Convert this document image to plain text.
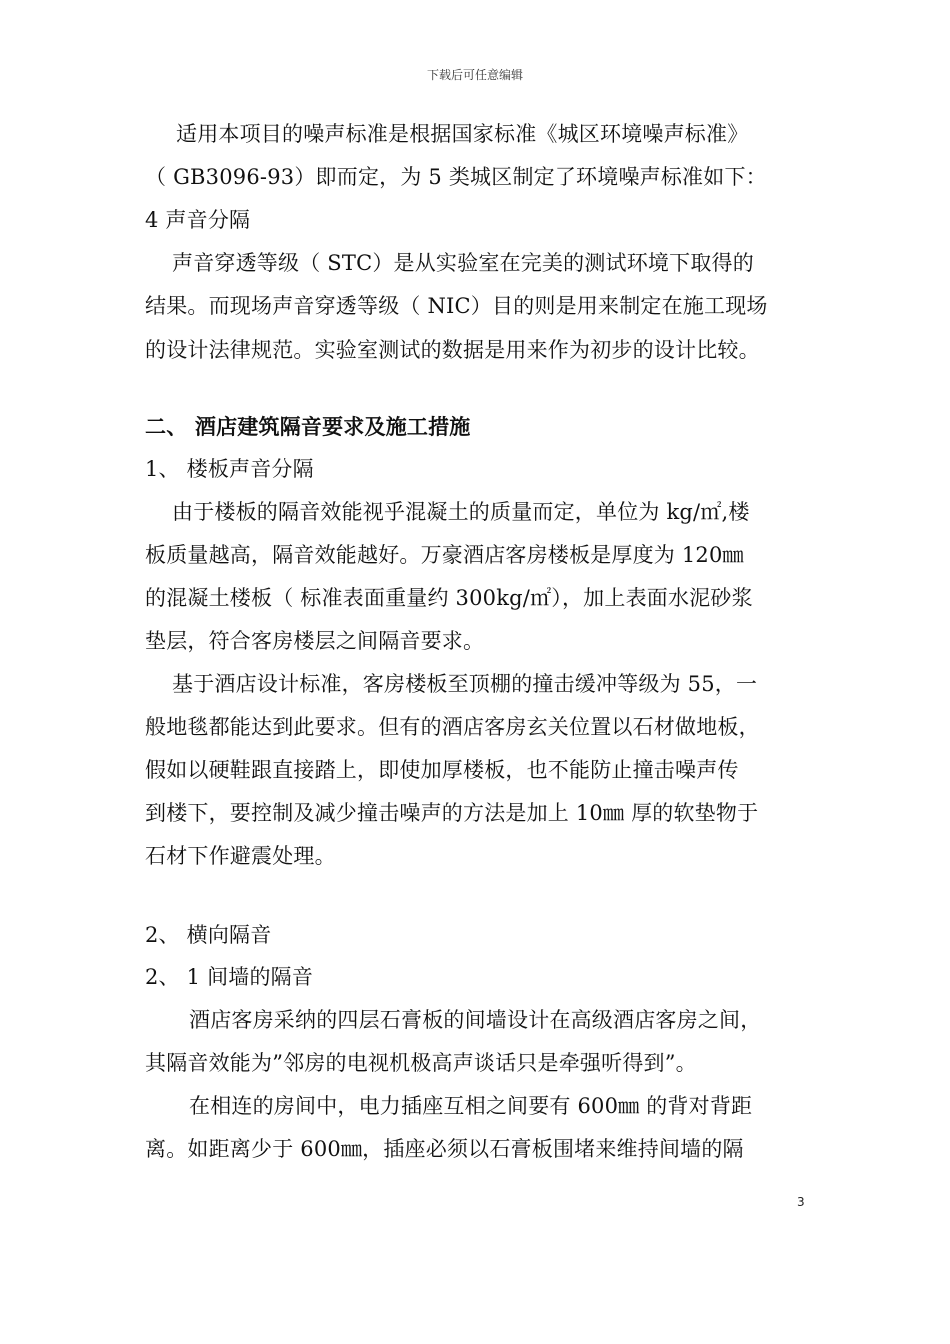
下载后可任意编辑
适用本项目的噪声标准是根据国家标准《城区环境噪声标准》
（ GB3096-93）即而定，为 5 类城区制定了环境噪声标准如下：
4 声音分隔
声音穿透等级（ STC）是从实验室在完美的测试环境下取得的
结果。而现场声音穿透等级（ NIC）目的则是用来制定在施工现场
的设计法律规范。实验室测试的数据是用来作为初步的设计比较。
二、 酒店建筑隔音要求及施工措施
1、 楼板声音分隔
由于楼板的隔音效能视乎混凝土的质量而定，单位为 kg/㎡,楼
板质量越高，隔音效能越好。万豪酒店客房楼板是厚度为 120㎜
的混凝土楼板（ 标准表面重量约 300kg/㎡），加上表面水泥砂浆
垫层，符合客房楼层之间隔音要求。
基于酒店设计标准，客房楼板至顶棚的撞击缓冲等级为 55，一
般地毯都能达到此要求。但有的酒店客房玄关位置以石材做地板，
假如以硬鞋跟直接踏上，即使加厚楼板，也不能防止撞击噪声传
到楼下，要控制及减少撞击噪声的方法是加上 10㎜ 厚的软垫物于
石材下作避震处理。
2、 横向隔音
2、 1 间墙的隔音
酒店客房采纳的四层石膏板的间墙设计在高级酒店客房之间，
其隔音效能为”邻房的电视机极高声谈话只是牵强听得到”。
在相连的房间中，电力插座互相之间要有 600㎜ 的背对背距
离。如距离少于 600㎜，插座必须以石膏板围堵来维持间墙的隔
3
